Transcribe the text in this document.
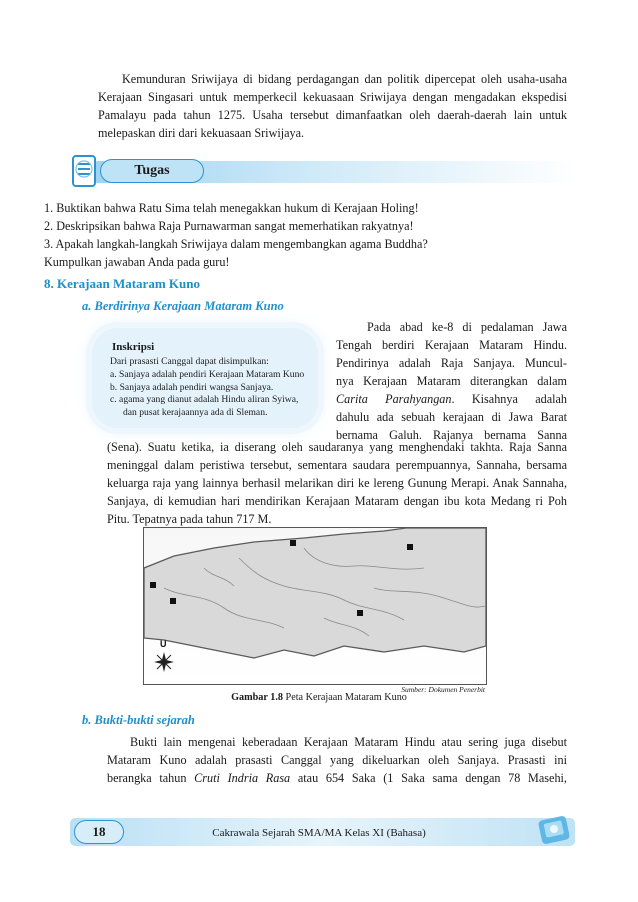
Kemunduran Sriwijaya di bidang perdagangan dan politik dipercepat oleh usaha-usaha Kerajaan Singasari untuk memperkecil kekuasaan Sriwijaya dengan mengadakan ekspedisi Pamalayu pada tahun 1275. Usaha tersebut dimanfaatkan oleh daerah-daerah lain untuk melepaskan diri dari kekuasaan Sriwijaya.
Tugas
1. Buktikan bahwa Ratu Sima telah menegakkan hukum di Kerajaan Holing!
2. Deskripsikan bahwa Raja Purnawarman sangat memerhatikan rakyatnya!
3. Apakah langkah-langkah Sriwijaya dalam mengembangkan agama Buddha?
Kumpulkan jawaban Anda pada guru!
8. Kerajaan Mataram Kuno
a. Berdirinya Kerajaan Mataram Kuno
Inskripsi
Dari prasasti Canggal dapat disimpulkan:
a. Sanjaya adalah pendiri Kerajaan Mataram Kuno
b. Sanjaya adalah pendiri wangsa Sanjaya.
c. agama yang dianut adalah Hindu aliran Syiwa, dan pusat kerajaannya ada di Sleman.
Pada abad ke-8 di pedalaman Jawa
Tengah berdiri Kerajaan Mataram Hindu.
Pendirinya adalah Raja Sanjaya. Muncul-
nya Kerajaan Mataram diterangkan dalam
Carita Parahyangan. Kisahnya adalah
dahulu ada sebuah kerajaan di Jawa Barat
bernama Galuh. Rajanya bernama Sanna
(Sena). Suatu ketika, ia diserang oleh saudaranya yang menghendaki takhta. Raja Sanna meninggal dalam peristiwa tersebut, sementara saudara perempuannya, Sannaha, bersama keluarga raja yang lainnya berhasil melarikan diri ke lereng Gunung Merapi. Anak Sannaha, Sanjaya, di kemudian hari mendirikan Kerajaan Mataram dengan ibu kota Medang ri Poh Pitu. Tepatnya pada tahun 717 M.
U
Sumber: Dokumen Penerbit
Gambar 1.8 Peta Kerajaan Mataram Kuno
b. Bukti-bukti sejarah
Bukti lain mengenai keberadaan Kerajaan Mataram Hindu atau sering juga disebut
Mataram Kuno adalah prasasti Canggal yang dikeluarkan oleh Sanjaya. Prasasti ini
berangka tahun Cruti Indria Rasa atau 654 Saka (1 Saka sama dengan 78 Masehi,
18	Cakrawala Sejarah SMA/MA Kelas XI (Bahasa)
